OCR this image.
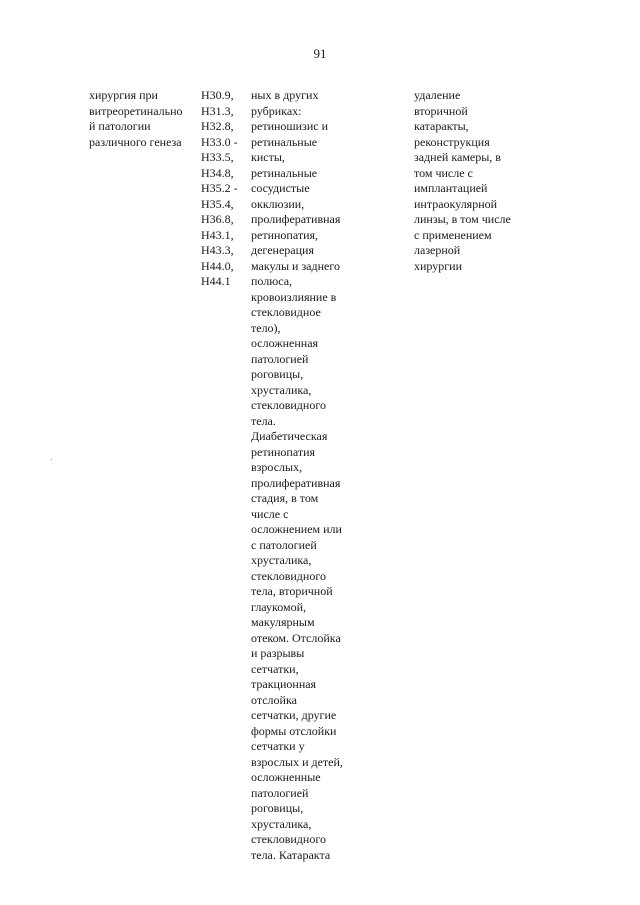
91
хирургия при
витреоретинально
й патологии
различного генеза
H30.9,
H31.3,
H32.8,
H33.0 -
H33.5,
H34.8,
H35.2 -
H35.4,
H36.8,
H43.1,
H43.3,
H44.0,
H44.1
ных в других
рубриках:
ретиношизис и
ретинальные
кисты,
ретинальные
сосудистые
окклюзии,
пролиферативная
ретинопатия,
дегенерация
макулы и заднего
полюса,
кровоизлияние в
стекловидное
тело),
осложненная
патологией
роговицы,
хрусталика,
стекловидного
тела.
Диабетическая
ретинопатия
взрослых,
пролиферативная
стадия, в том
числе с
осложнением или
с патологией
хрусталика,
стекловидного
тела, вторичной
глаукомой,
макулярным
отеком. Отслойка
и разрывы
сетчатки,
тракционная
отслойка
сетчатки, другие
формы отслойки
сетчатки у
взрослых и детей,
осложненные
патологией
роговицы,
хрусталика,
стекловидного
тела. Катаракта
удаление
вторичной
катаракты,
реконструкция
задней камеры, в
том числе с
имплантацией
интраокулярной
линзы, в том числе
с применением
лазерной
хирургии
